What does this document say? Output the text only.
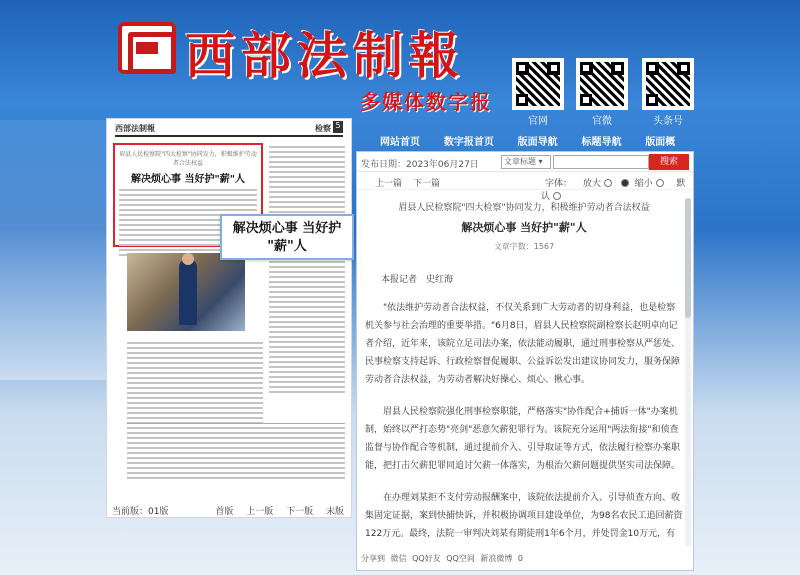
西部法制報
多媒体数字报
官网	官微	头条号
西部法制報	检察 5
眉县人民检察院"四大检察"协同发力，积极维护劳动者合法权益
解决烦心事 当好护"薪"人
解决烦心事 当好护
"薪"人
当前版：01版	首版 上一版 下一版 末版
网站首页 数字报首页 版面导航 标题导航 版面概
发布日期：2023年06月27日	文章标题 ▾	搜索
上一篇 下一篇	字体： 放大	缩小	默认
眉县人民检察院"四大检察"协同发力，积极维护劳动者合法权益
解决烦心事 当好护"薪"人
文章字数：1567
本报记者　史红海

"依法维护劳动者合法权益，不仅关系到广大劳动者的切身利益，也是检察机关参与社会治理的重要举措。"6月8日，眉县人民检察院副检察长赵明卓向记者介绍，近年来，该院立足司法办案，依法能动履职，通过刑事检察从严惩处、民事检察支持起诉、行政检察督促履职、公益诉讼发出建议协同发力，服务保障劳动者合法权益，为劳动者解决好操心、烦心、揪心事。

眉县人民检察院强化刑事检察职能，严格落实"协作配合+捕诉一体"办案机制，始终以严打态势"亮剑"恶意欠薪犯罪行为。该院充分运用"两法衔接"和侦查监督与协作配合等机制，通过提前介入、引导取证等方式，依法履行检察办案职能，把打击欠薪犯罪同追讨欠薪一体落实，为根治欠薪问题提供坚实司法保障。

在办理刘某拒不支付劳动报酬案中，该院依法提前介入、引导侦查方向、收集固定证据，案到快捕快诉，并积极协调项目建设单位，为98名农民工追回薪资122万元。最终，法院一审判决刘某有期徒刑1年6个月，并处罚金10万元，有

分享到 微信 QQ好友 QQ空间 新浪微博 0
